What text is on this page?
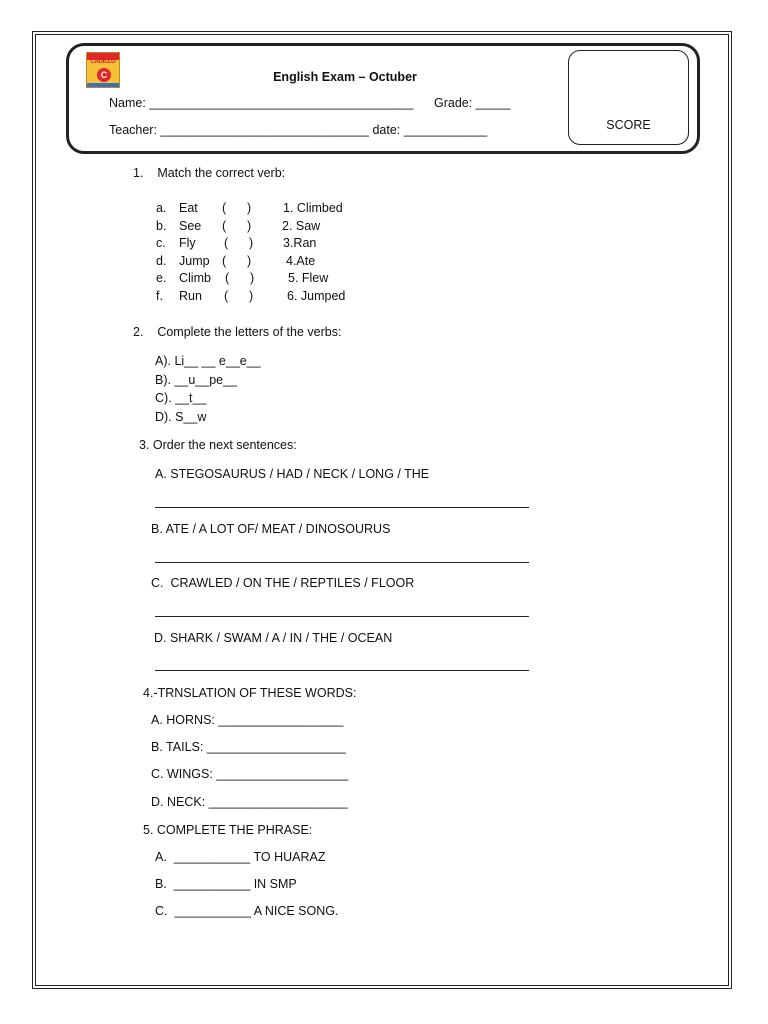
CADILLO
C	English Exam – Octuber
Name: ______________________________________ Grade: _____
Teacher: ______________________________ date: ____________	SCORE
1.    Match the correct verb:
a. Eat (      )	1. Climbed
b. See (      ) 2. Saw
c. Fly (      ) 3.Ran
d. Jump (      )	4.Ate
e. Climb (      )	5. Flew
f. Run (      )	6. Jumped
2.    Complete the letters of the verbs:
A). Li__ __ e__e__
B). __u__pe__
C). __t__
D). S__w
3. Order the next sentences:
A. STEGOSAURUS / HAD / NECK / LONG / THE
B. ATE / A LOT OF/ MEAT / DINOSOURUS
C.  CRAWLED / ON THE / REPTILES / FLOOR
D. SHARK / SWAM / A / IN / THE / OCEAN
4.-TRNSLATION OF THESE WORDS:
A. HORNS: __________________
B. TAILS: ____________________
C. WINGS: ___________________
D. NECK: ____________________
5. COMPLETE THE PHRASE:
A.  ___________ TO HUARAZ
B.  ___________ IN SMP
C.  ___________ A NICE SONG.
